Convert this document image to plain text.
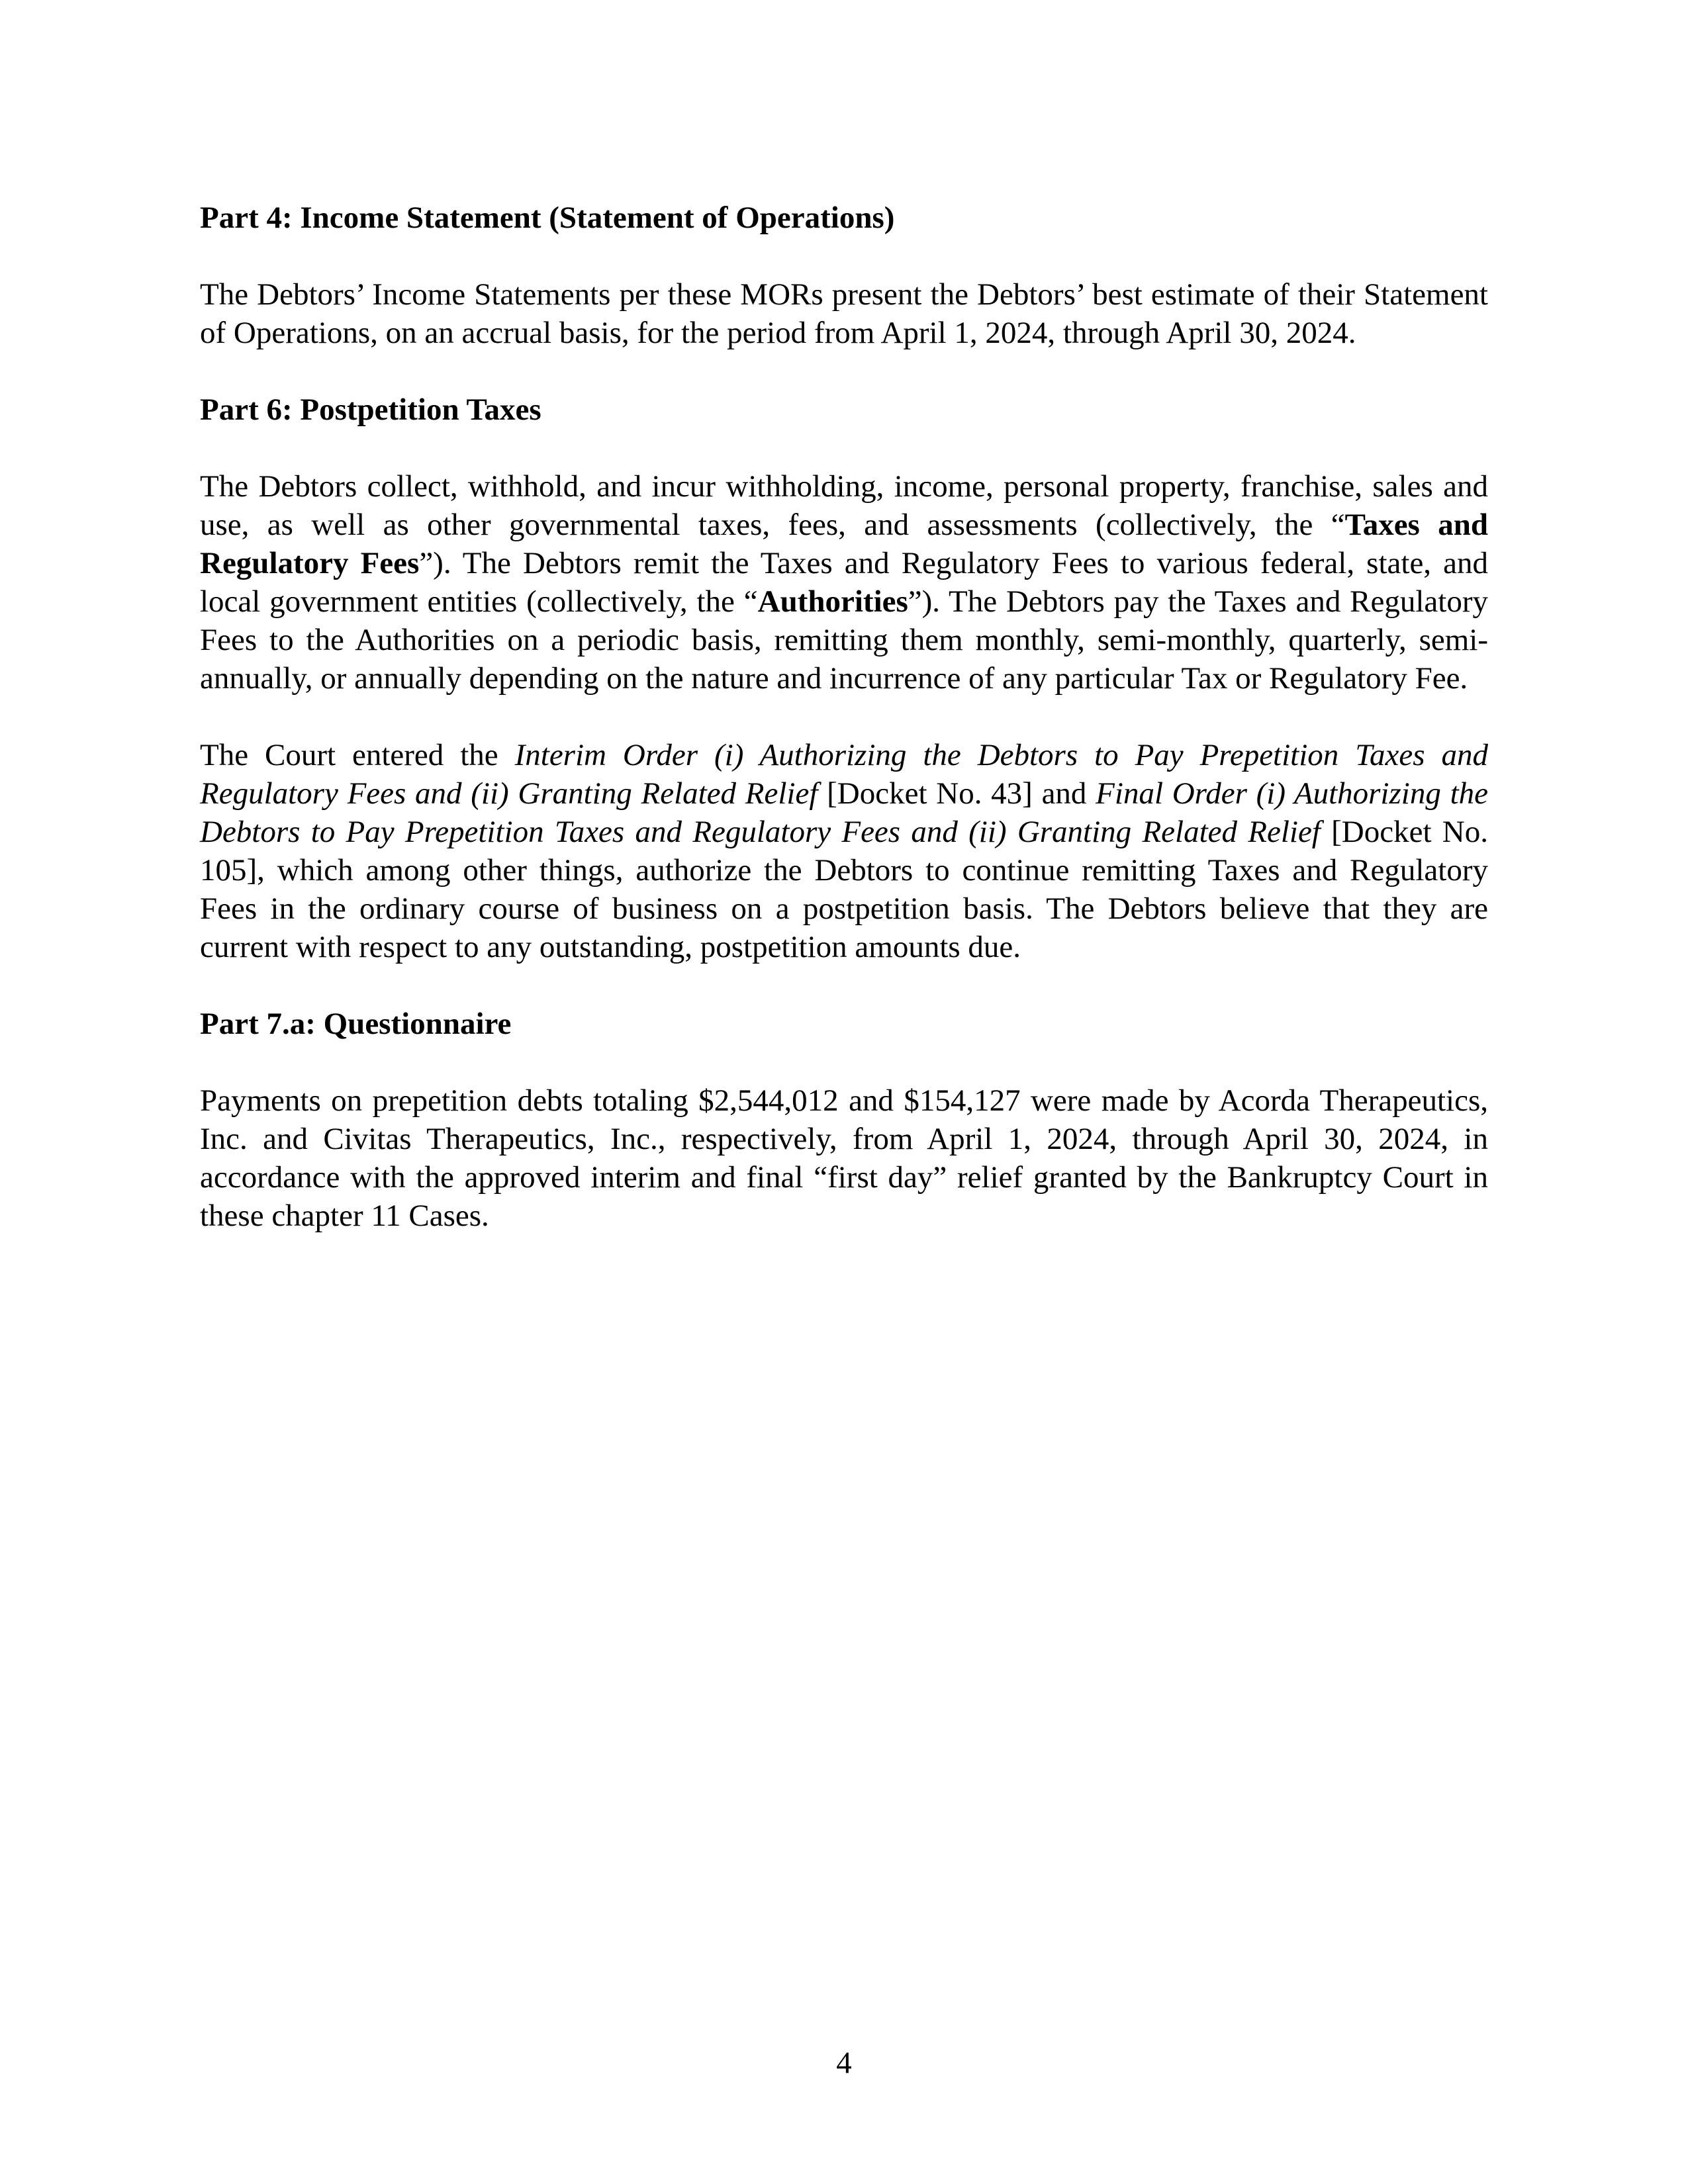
Part 4: Income Statement (Statement of Operations)

The Debtors’ Income Statements per these MORs present the Debtors’ best estimate of their Statement of Operations, on an accrual basis, for the period from April 1, 2024, through April 30, 2024.

Part 6: Postpetition Taxes

The Debtors collect, withhold, and incur withholding, income, personal property, franchise, sales and use, as well as other governmental taxes, fees, and assessments (collectively, the “Taxes and Regulatory Fees”). The Debtors remit the Taxes and Regulatory Fees to various federal, state, and local government entities (collectively, the “Authorities”). The Debtors pay the Taxes and Regulatory Fees to the Authorities on a periodic basis, remitting them monthly, semi-monthly, quarterly, semi-annually, or annually depending on the nature and incurrence of any particular Tax or Regulatory Fee.

The Court entered the Interim Order (i) Authorizing the Debtors to Pay Prepetition Taxes and Regulatory Fees and (ii) Granting Related Relief [Docket No. 43] and Final Order (i) Authorizing the Debtors to Pay Prepetition Taxes and Regulatory Fees and (ii) Granting Related Relief [Docket No. 105], which among other things, authorize the Debtors to continue remitting Taxes and Regulatory Fees in the ordinary course of business on a postpetition basis. The Debtors believe that they are current with respect to any outstanding, postpetition amounts due.

Part 7.a: Questionnaire

Payments on prepetition debts totaling $2,544,012 and $154,127 were made by Acorda Therapeutics, Inc. and Civitas Therapeutics, Inc., respectively, from April 1, 2024, through April 30, 2024, in accordance with the approved interim and final “first day” relief granted by the Bankruptcy Court in these chapter 11 Cases.

4
